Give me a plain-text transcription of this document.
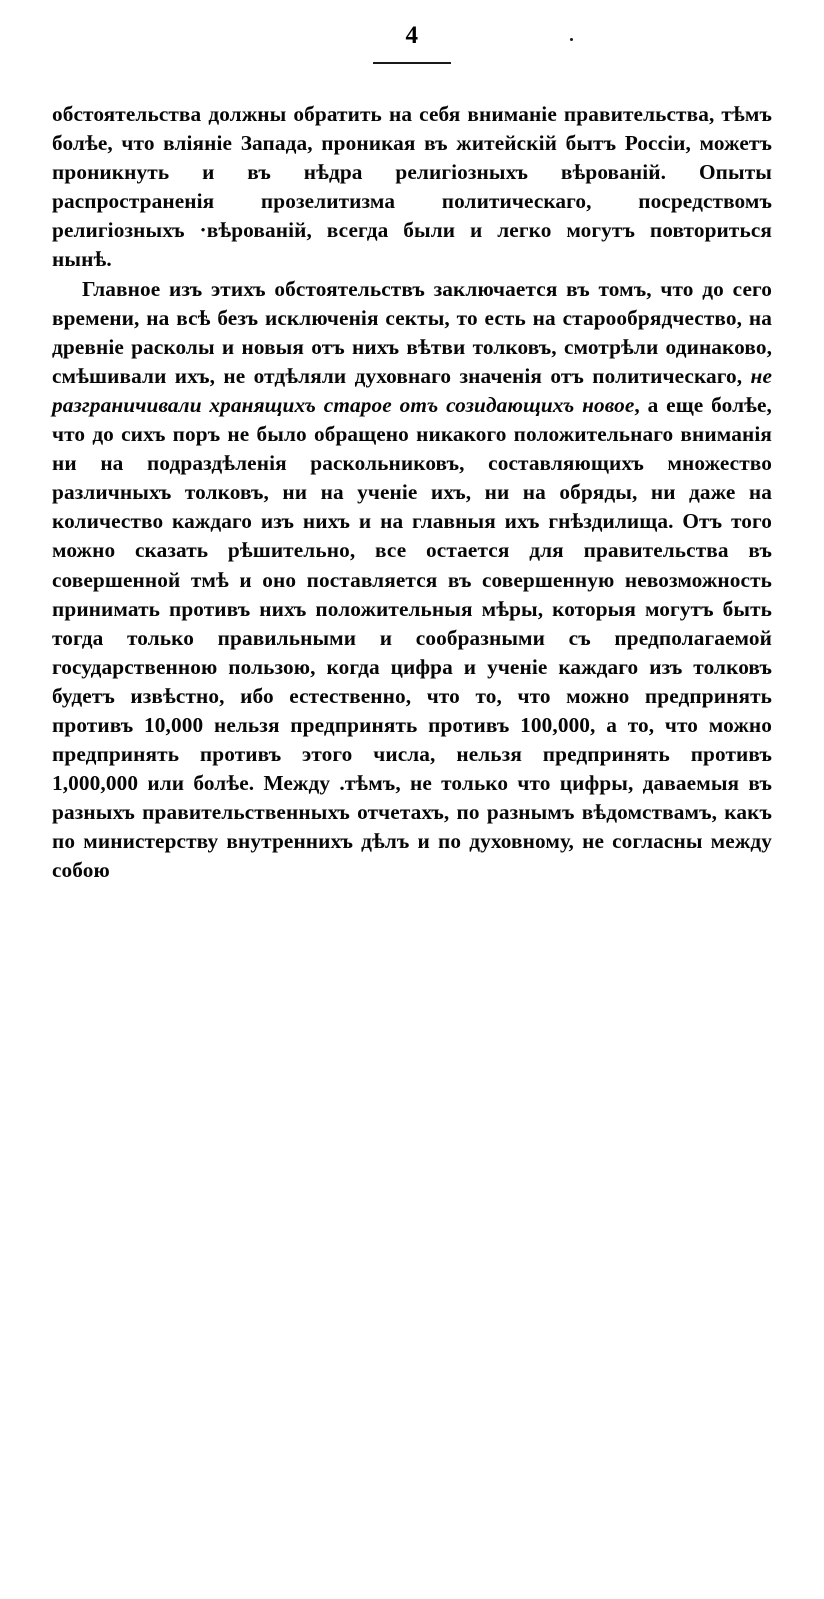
4

обстоятельства должны обратить на себя вниманіе правительства, тѣмъ болѣе, что вліяніе Запада, проникая въ житейскій бытъ Россіи, можетъ проникнуть и въ нѣдра религіозныхъ вѣрованій. Опыты распространенія прозелитизма политическаго, посредствомъ религіозныхъ ·вѣрованій, всегда были и легко могутъ повториться нынѣ.

Главное изъ этихъ обстоятельствъ заключается въ томъ, что до сего времени, на всѣ безъ исключенія секты, то есть на старообрядчество, на древніе расколы и новыя отъ нихъ вѣтви толковъ, смотрѣли одинаково, смѣшивали ихъ, не отдѣляли духовнаго значенія отъ политическаго, не разграничивали хранящихъ старое отъ созидающихъ новое, а еще болѣе, что до сихъ поръ не было обращено никакого положительнаго вниманія ни на подраздѣленія раскольниковъ, составляющихъ множество различныхъ толковъ, ни на ученіе ихъ, ни на обряды, ни даже на количество каждаго изъ нихъ и на главныя ихъ гнѣздилища. Отъ того можно сказать рѣшительно, все остается для правительства въ совершенной тмѣ и оно поставляется въ совершенную невозможность принимать противъ нихъ положительныя мѣры, которыя могутъ быть тогда только правильными и сообразными съ предполагаемой государственною пользою, когда цифра и ученіе каждаго изъ толковъ будетъ извѣстно, ибо естественно, что то, что можно предпринять противъ 10,000 нельзя предпринять противъ 100,000, а то, что можно предпринять противъ этого числа, нельзя предпринять противъ 1,000,000 или болѣе. Между .тѣмъ, не только что цифры, даваемыя въ разныхъ правительственныхъ отчетахъ, по разнымъ вѣдомствамъ, какъ по министерству внутреннихъ дѣлъ и по духовному, не согласны между собою
